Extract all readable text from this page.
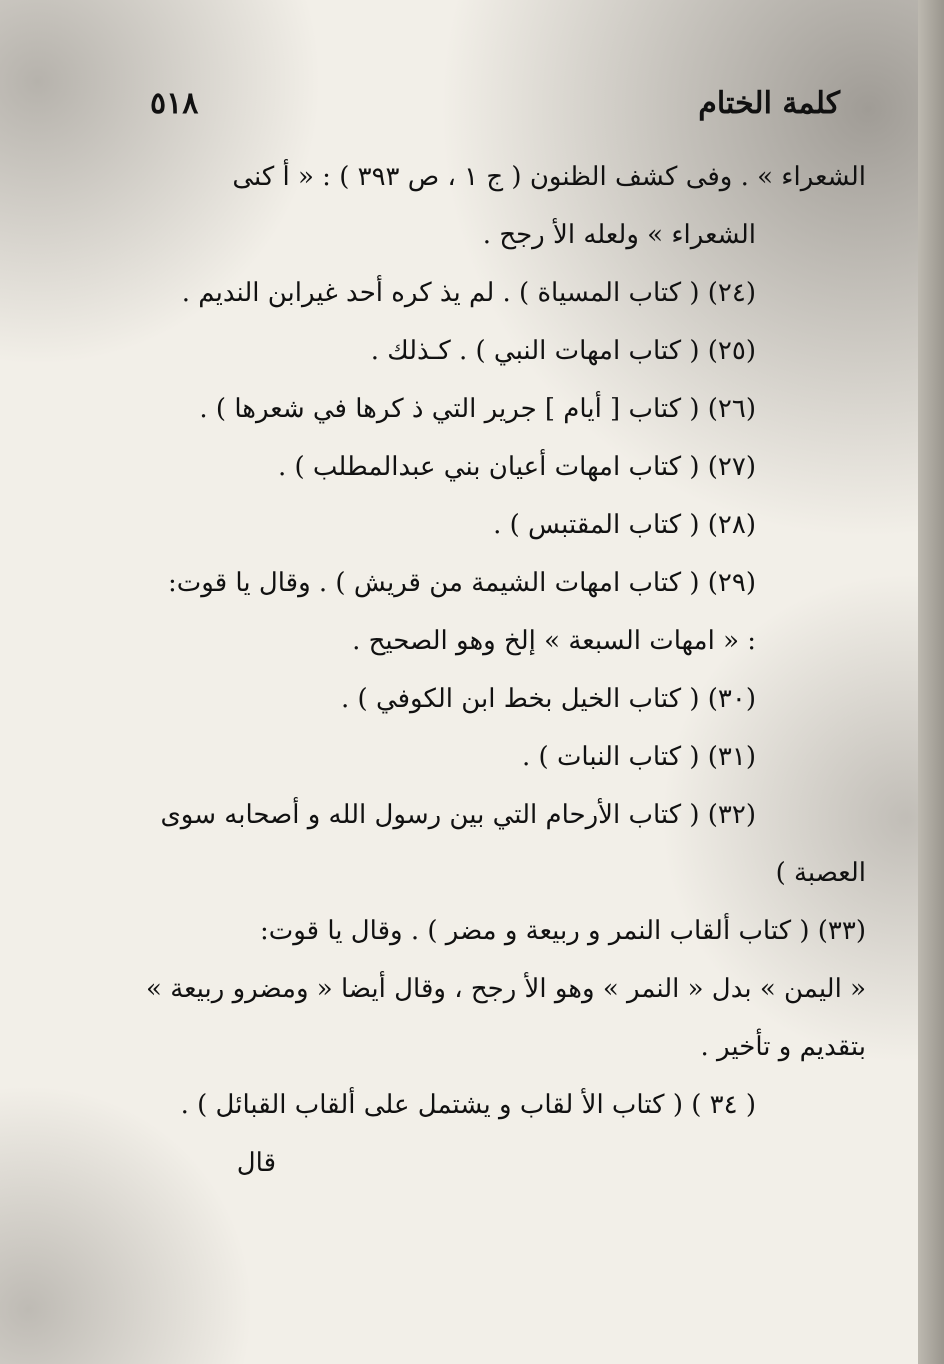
كلمة الختام
٥١٨
الشعراء » . وفى كشف الظنون ( ج ١ ، ص ٣٩٣ ) : « أ كنى
الشعراء » ولعله الأ رجح .
(٢٤) ( كتاب المسياة ) . لم يذ كره أحد غيرابن النديم .
(٢٥) ( كتاب امهات النبي ) . كـذلك .
(٢٦) ( كتاب [ أيام ] جرير التي ذ كرها في شعرها ) .
(٢٧) ( كتاب امهات أعيان بني عبدالمطلب ) .
(٢٨) ( كتاب المقتبس ) .
(٢٩) ( كتاب امهات الشيمة من قريش ) . وقال يا قوت:
: « امهات السبعة » إلخ وهو الصحيح .
(٣٠) ( كتاب الخيل بخط ابن الكوفي ) .
(٣١) ( كتاب النبات ) .
(٣٢) ( كتاب الأرحام التي بين رسول الله و أصحابه سوى
العصبة )
(٣٣) ( كتاب ألقاب النمر و ربيعة و مضر ) . وقال يا قوت:
« اليمن » بدل « النمر » وهو الأ رجح ، وقال أيضا « ومضرو ربيعة »
بتقديم و تأخير .
( ٣٤ ) ( كتاب الأ لقاب و يشتمل على ألقاب القبائل ) .
قال
